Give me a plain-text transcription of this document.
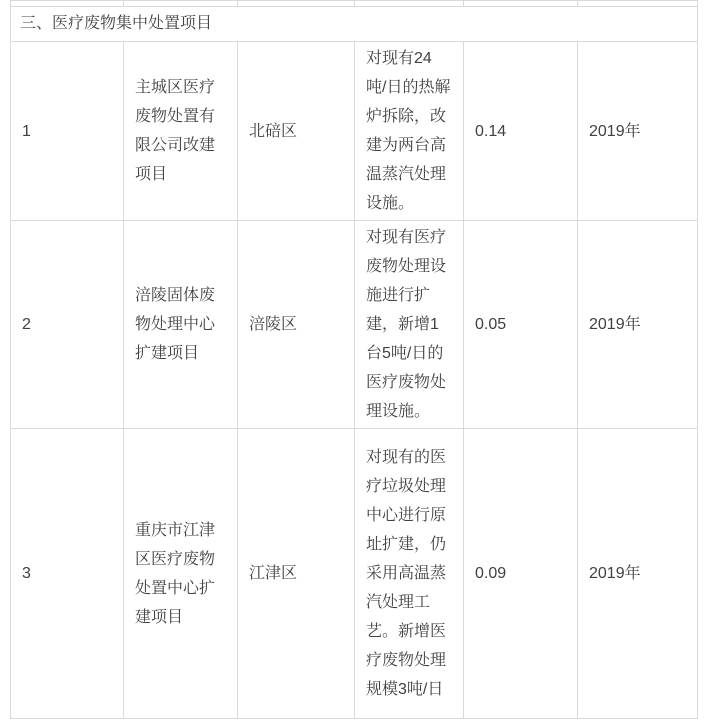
三、医疗废物集中处置项目					
1	主城区医疗废物处置有限公司改建项目	北碚区	对现有24吨/日的热解炉拆除，改建为两台高温蒸汽处理设施。	0.14	2019年
2	涪陵固体废物处理中心扩建项目	涪陵区	对现有医疗废物处理设施进行扩建，新增1台5吨/日的医疗废物处理设施。	0.05	2019年
3	重庆市江津区医疗废物处置中心扩建项目	江津区	对现有的医疗垃圾处理中心进行原址扩建，仍采用高温蒸汽处理工艺。新增医疗废物处理规模3吨/日	0.09	2019年
